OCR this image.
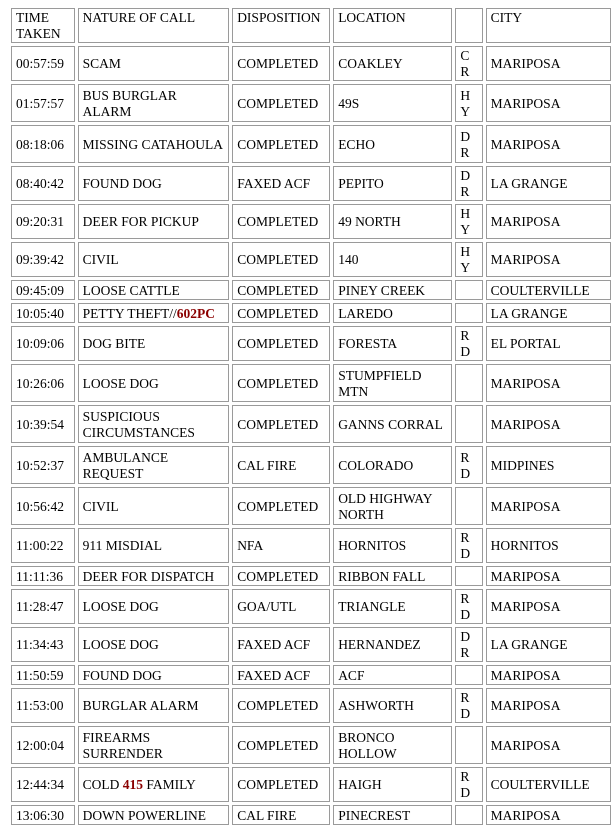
TIME TAKEN	NATURE OF CALL	DISPOSITION	LOCATION		CITY
00:57:59	SCAM	COMPLETED	COAKLEY	CR	MARIPOSA
01:57:57	BUS BURGLAR ALARM	COMPLETED	49S	HY	MARIPOSA
08:18:06	MISSING CATAHOULA	COMPLETED	ECHO	DR	MARIPOSA
08:40:42	FOUND DOG	FAXED ACF	PEPITO	DR	LA GRANGE
09:20:31	DEER FOR PICKUP	COMPLETED	49 NORTH	HY	MARIPOSA
09:39:42	CIVIL	COMPLETED	140	HY	MARIPOSA
09:45:09	LOOSE CATTLE	COMPLETED	PINEY CREEK		COULTERVILLE
10:05:40	PETTY THEFT//602PC	COMPLETED	LAREDO		LA GRANGE
10:09:06	DOG BITE	COMPLETED	FORESTA	RD	EL PORTAL
10:26:06	LOOSE DOG	COMPLETED	STUMPFIELD MTN		MARIPOSA
10:39:54	SUSPICIOUS CIRCUMSTANCES	COMPLETED	GANNS CORRAL		MARIPOSA
10:52:37	AMBULANCE REQUEST	CAL FIRE	COLORADO	RD	MIDPINES
10:56:42	CIVIL	COMPLETED	OLD HIGHWAY NORTH		MARIPOSA
11:00:22	911 MISDIAL	NFA	HORNITOS	RD	HORNITOS
11:11:36	DEER FOR DISPATCH	COMPLETED	RIBBON FALL		MARIPOSA
11:28:47	LOOSE DOG	GOA/UTL	TRIANGLE	RD	MARIPOSA
11:34:43	LOOSE DOG	FAXED ACF	HERNANDEZ	DR	LA GRANGE
11:50:59	FOUND DOG	FAXED ACF	ACF		MARIPOSA
11:53:00	BURGLAR ALARM	COMPLETED	ASHWORTH	RD	MARIPOSA
12:00:04	FIREARMS SURRENDER	COMPLETED	BRONCO HOLLOW		MARIPOSA
12:44:34	COLD 415 FAMILY	COMPLETED	HAIGH	RD	COULTERVILLE
13:06:30	DOWN POWERLINE	CAL FIRE	PINECREST		MARIPOSA
